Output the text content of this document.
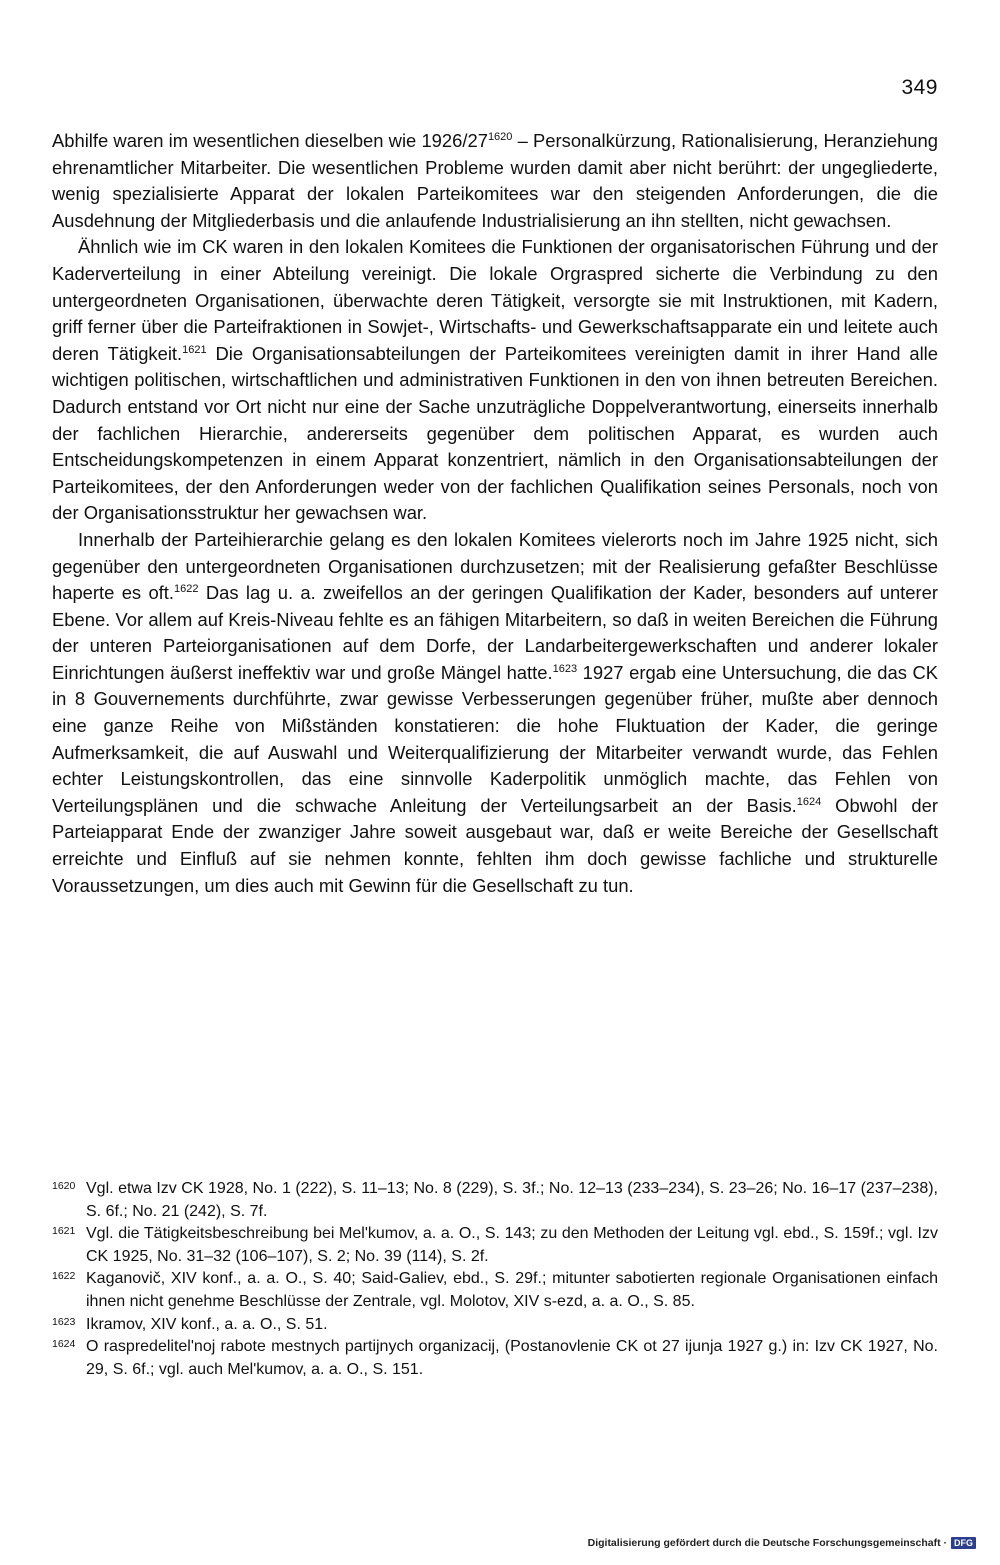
349

Abhilfe waren im wesentlichen dieselben wie $1926/27^{1620}$ – Personalkürzung, Rationalisierung, Heranziehung ehrenamtlicher Mitarbeiter. Die wesentlichen Probleme wurden damit aber nicht berührt: der ungegliederte, wenig spezialisierte Apparat der lokalen Parteikomitees war den steigenden Anforderungen, die die Ausdehnung der Mitgliederbasis und die anlaufende Industrialisierung an ihn stellten, nicht gewachsen.

Ähnlich wie im CK waren in den lokalen Komitees die Funktionen der organisatorischen Führung und der Kaderverteilung in einer Abteilung vereinigt. Die lokale Orgraspred sicherte die Verbindung zu den untergeordneten Organisationen, überwachte deren Tätigkeit, versorgte sie mit Instruktionen, mit Kadern, griff ferner über die Parteifraktionen in Sowjet-, Wirtschafts- und Gewerkschaftsapparate ein und leitete auch deren Tätigkeit.$^{1621}$ Die Organisationsabteilungen der Parteikomitees vereinigten damit in ihrer Hand alle wichtigen politischen, wirtschaftlichen und administrativen Funktionen in den von ihnen betreuten Bereichen. Dadurch entstand vor Ort nicht nur eine der Sache unzuträgliche Doppelverantwortung, einerseits innerhalb der fachlichen Hierarchie, andererseits gegenüber dem politischen Apparat, es wurden auch Entscheidungskompetenzen in einem Apparat konzentriert, nämlich in den Organisationsabteilungen der Parteikomitees, der den Anforderungen weder von der fachlichen Qualifikation seines Personals, noch von der Organisationsstruktur her gewachsen war.

Innerhalb der Parteihierarchie gelang es den lokalen Komitees vielerorts noch im Jahre 1925 nicht, sich gegenüber den untergeordneten Organisationen durchzusetzen; mit der Realisierung gefaßter Beschlüsse haperte es oft.$^{1622}$ Das lag u. a. zweifellos an der geringen Qualifikation der Kader, besonders auf unterer Ebene. Vor allem auf Kreis-Niveau fehlte es an fähigen Mitarbeitern, so daß in weiten Bereichen die Führung der unteren Parteiorganisationen auf dem Dorfe, der Landarbeitergewerkschaften und anderer lokaler Einrichtungen äußerst ineffektiv war und große Mängel hatte.$^{1623}$ 1927 ergab eine Untersuchung, die das CK in 8 Gouvernements durchführte, zwar gewisse Verbesserungen gegenüber früher, mußte aber dennoch eine ganze Reihe von Mißständen konstatieren: die hohe Fluktuation der Kader, die geringe Aufmerksamkeit, die auf Auswahl und Weiterqualifizierung der Mitarbeiter verwandt wurde, das Fehlen echter Leistungskontrollen, das eine sinnvolle Kaderpolitik unmöglich machte, das Fehlen von Verteilungsplänen und die schwache Anleitung der Verteilungsarbeit an der Basis.$^{1624}$ Obwohl der Parteiapparat Ende der zwanziger Jahre soweit ausgebaut war, daß er weite Bereiche der Gesellschaft erreichte und Einfluß auf sie nehmen konnte, fehlten ihm doch gewisse fachliche und strukturelle Voraussetzungen, um dies auch mit Gewinn für die Gesellschaft zu tun.

1620 Vgl. etwa Izv CK 1928, No. 1 (222), S. 11–13; No. 8 (229), S. 3f.; No. 12–13 (233–234), S. 23–26; No. 16–17 (237–238), S. 6f.; No. 21 (242), S. 7f.
1621 Vgl. die Tätigkeitsbeschreibung bei Mel'kumov, a. a. O., S. 143; zu den Methoden der Leitung vgl. ebd., S. 159f.; vgl. Izv CK 1925, No. 31–32 (106–107), S. 2; No. 39 (114), S. 2f.
1622 Kaganovič, XIV konf., a. a. O., S. 40; Said-Galiev, ebd., S. 29f.; mitunter sabotierten regionale Organisationen einfach ihnen nicht genehme Beschlüsse der Zentrale, vgl. Molotov, XIV s-ezd, a. a. O., S. 85.
1623 Ikramov, XIV konf., a. a. O., S. 51.
1624 O raspredelitel'noj rabote mestnych partijnych organizacij, (Postanovlenie CK ot 27 ijunja 1927 g.) in: Izv CK 1927, No. 29, S. 6f.; vgl. auch Mel'kumov, a. a. O., S. 151.
Digitalisierung gefördert durch die Deutsche Forschungsgemeinschaft · DFG
